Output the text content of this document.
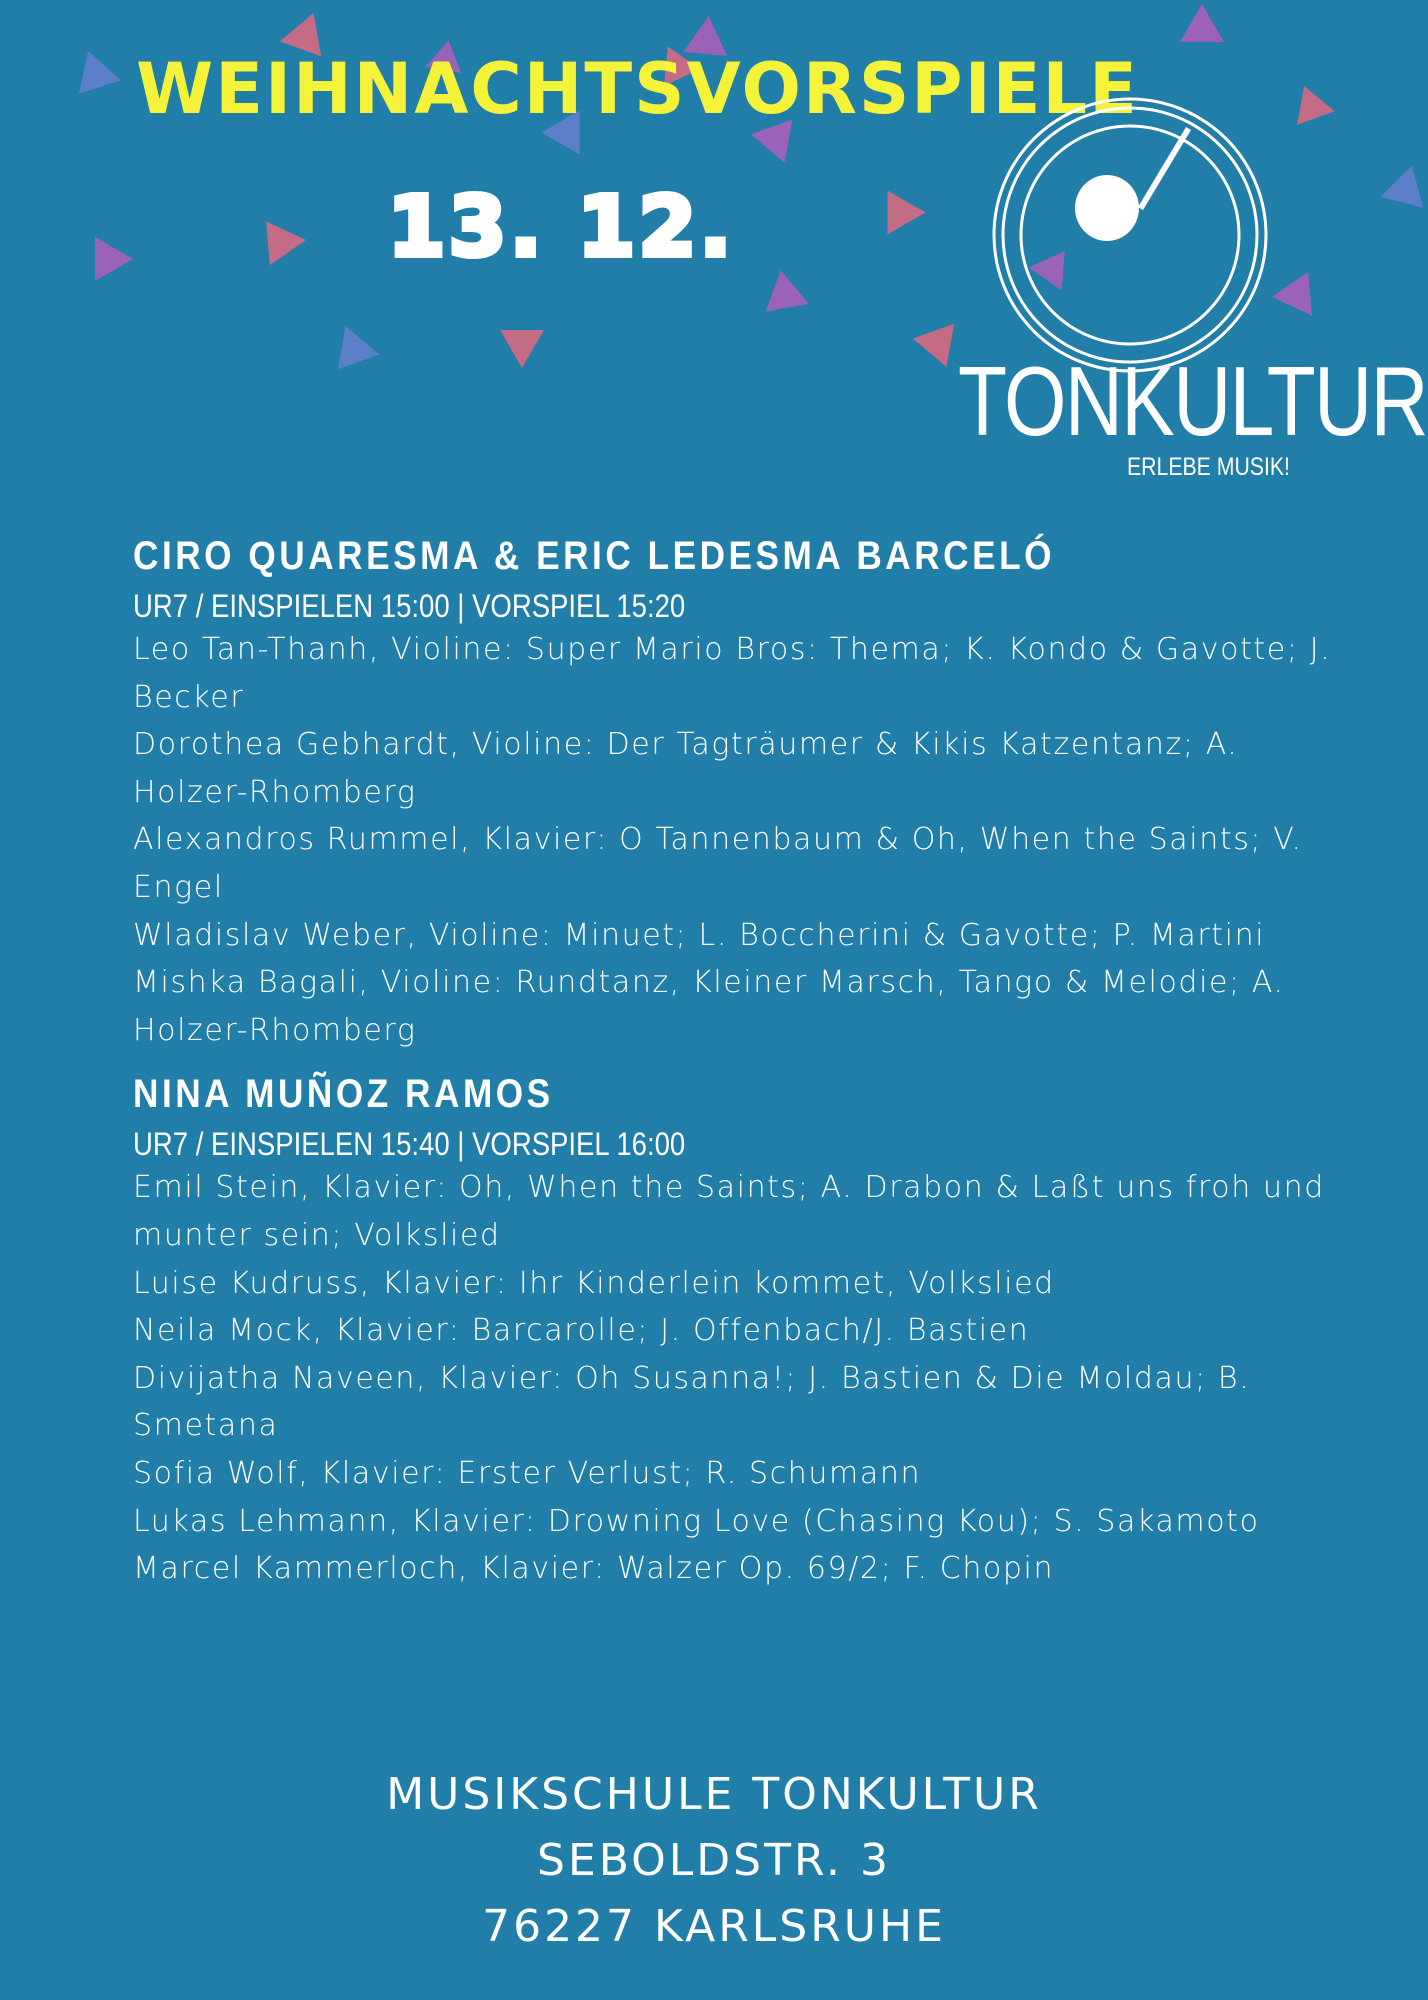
WEIHNACHTSVORSPIELE
13. 12.
TONKULTUR
ERLEBE MUSIK!
CIRO QUARESMA & ERIC LEDESMA BARCELÓ
UR7 / EINSPIELEN 15:00 | VORSPIEL 15:20

Leo Tan-Thanh, Violine: Super Mario Bros: Thema; K. Kondo & Gavotte; J. Becker

Dorothea Gebhardt, Violine: Der Tagträumer & Kikis Katzentanz; A. Holzer-Rhomberg

Alexandros Rummel, Klavier: O Tannenbaum & Oh, When the Saints; V. Engel

Wladislav Weber, Violine: Minuet; L. Boccherini & Gavotte; P. Martini

Mishka Bagali, Violine: Rundtanz, Kleiner Marsch, Tango & Melodie; A. Holzer-Rhomberg

NINA MUÑOZ RAMOS
UR7 / EINSPIELEN 15:40 | VORSPIEL 16:00

Emil Stein, Klavier: Oh, When the Saints; A. Drabon & Laßt uns froh und munter sein; Volkslied

Luise Kudruss, Klavier: Ihr Kinderlein kommet, Volkslied

Neila Mock, Klavier: Barcarolle; J. Offenbach/J. Bastien

Divijatha Naveen, Klavier: Oh Susanna!; J. Bastien & Die Moldau; B. Smetana

Sofia Wolf, Klavier: Erster Verlust; R. Schumann

Lukas Lehmann, Klavier: Drowning Love (Chasing Kou); S. Sakamoto

Marcel Kammerloch, Klavier: Walzer Op. 69/2; F. Chopin

MUSIKSCHULE TONKULTUR
SEBOLDSTR. 3
76227 KARLSRUHE
